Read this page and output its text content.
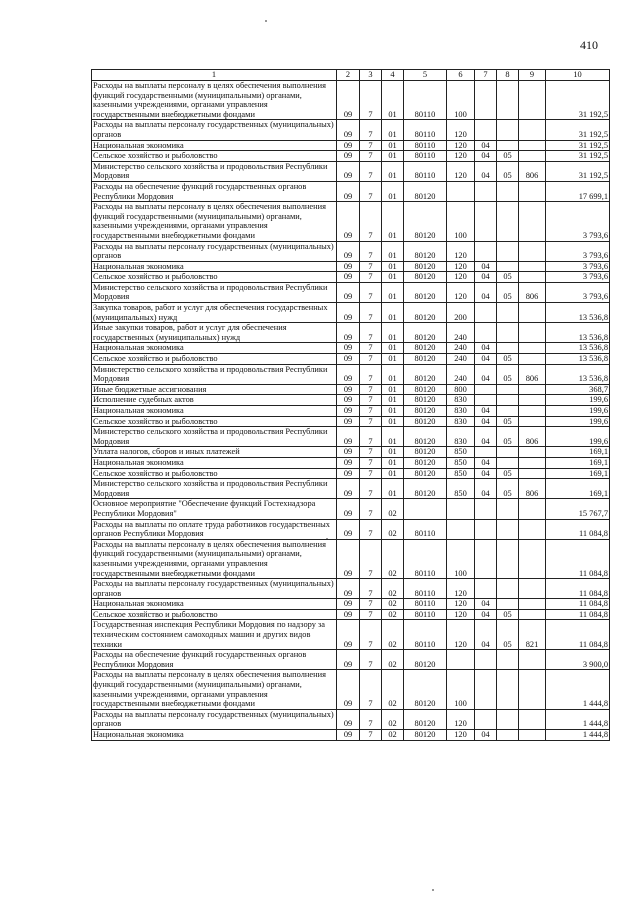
410
1	2	3	4	5	6	7	8	9	10
Расходы на выплаты персоналу в целях обеспечения выполнения функций государственными (муниципальными) органами, казенными учреждениями, органами управления государственными внебюджетными фондами	09	7	01	80110	100				31 192,5
Расходы на выплаты персоналу государственных (муниципальных) органов	09	7	01	80110	120				31 192,5
Национальная экономика	09	7	01	80110	120	04			31 192,5
Сельское хозяйство и рыболовство	09	7	01	80110	120	04	05		31 192,5
Министерство сельского хозяйства и продовольствия Республики Мордовия	09	7	01	80110	120	04	05	806	31 192,5
Расходы на обеспечение функций государственных органов Республики Мордовия	09	7	01	80120					17 699,1
Расходы на выплаты персоналу в целях обеспечения выполнения функций государственными (муниципальными) органами, казенными учреждениями, органами управления государственными внебюджетными фондами	09	7	01	80120	100				3 793,6
Расходы на выплаты персоналу государственных (муниципальных) органов	09	7	01	80120	120				3 793,6
Национальная экономика	09	7	01	80120	120	04			3 793,6
Сельское хозяйство и рыболовство	09	7	01	80120	120	04	05		3 793,6
Министерство сельского хозяйства и продовольствия Республики Мордовия	09	7	01	80120	120	04	05	806	3 793,6
Закупка товаров, работ и услуг для обеспечения государственных (муниципальных) нужд	09	7	01	80120	200				13 536,8
Иные закупки товаров, работ и услуг для обеспечения государственных (муниципальных) нужд	09	7	01	80120	240				13 536,8
Национальная экономика	09	7	01	80120	240	04			13 536,8
Сельское хозяйство и рыболовство	09	7	01	80120	240	04	05		13 536,8
Министерство сельского хозяйства и продовольствия Республики Мордовия	09	7	01	80120	240	04	05	806	13 536,8
Иные бюджетные ассигнования	09	7	01	80120	800				368,7
Исполнение судебных актов	09	7	01	80120	830				199,6
Национальная экономика	09	7	01	80120	830	04			199,6
Сельское хозяйство и рыболовство	09	7	01	80120	830	04	05		199,6
Министерство сельского хозяйства и продовольствия Республики Мордовия	09	7	01	80120	830	04	05	806	199,6
Уплата налогов, сборов и иных платежей	09	7	01	80120	850				169,1
Национальная экономика	09	7	01	80120	850	04			169,1
Сельское хозяйство и рыболовство	09	7	01	80120	850	04	05		169,1
Министерство сельского хозяйства и продовольствия Республики Мордовия	09	7	01	80120	850	04	05	806	169,1
Основное мероприятие "Обеспечение функций Гостехнадзора Республики Мордовия"	09	7	02						15 767,7
Расходы на выплаты по оплате труда работников государственных органов Республики Мордовия	09	7	02	80110					11 084,8
Расходы на выплаты персоналу в целях обеспечения выполнения функций государственными (муниципальными) органами, казенными учреждениями, органами управления государственными внебюджетными фондами	09	7	02	80110	100				11 084,8
Расходы на выплаты персоналу государственных (муниципальных) органов	09	7	02	80110	120				11 084,8
Национальная экономика	09	7	02	80110	120	04			11 084,8
Сельское хозяйство и рыболовство	09	7	02	80110	120	04	05		11 084,8
Государственная инспекция Республики Мордовия по надзору за техническим состоянием самоходных машин и других видов техники	09	7	02	80110	120	04	05	821	11 084,8
Расходы на обеспечение функций государственных органов Республики Мордовия	09	7	02	80120					3 900,0
Расходы на выплаты персоналу в целях обеспечения выполнения функций государственными (муниципальными) органами, казенными учреждениями, органами управления государственными внебюджетными фондами	09	7	02	80120	100				1 444,8
Расходы на выплаты персоналу государственных (муниципальных) органов	09	7	02	80120	120				1 444,8
Национальная экономика	09	7	02	80120	120	04			1 444,8
